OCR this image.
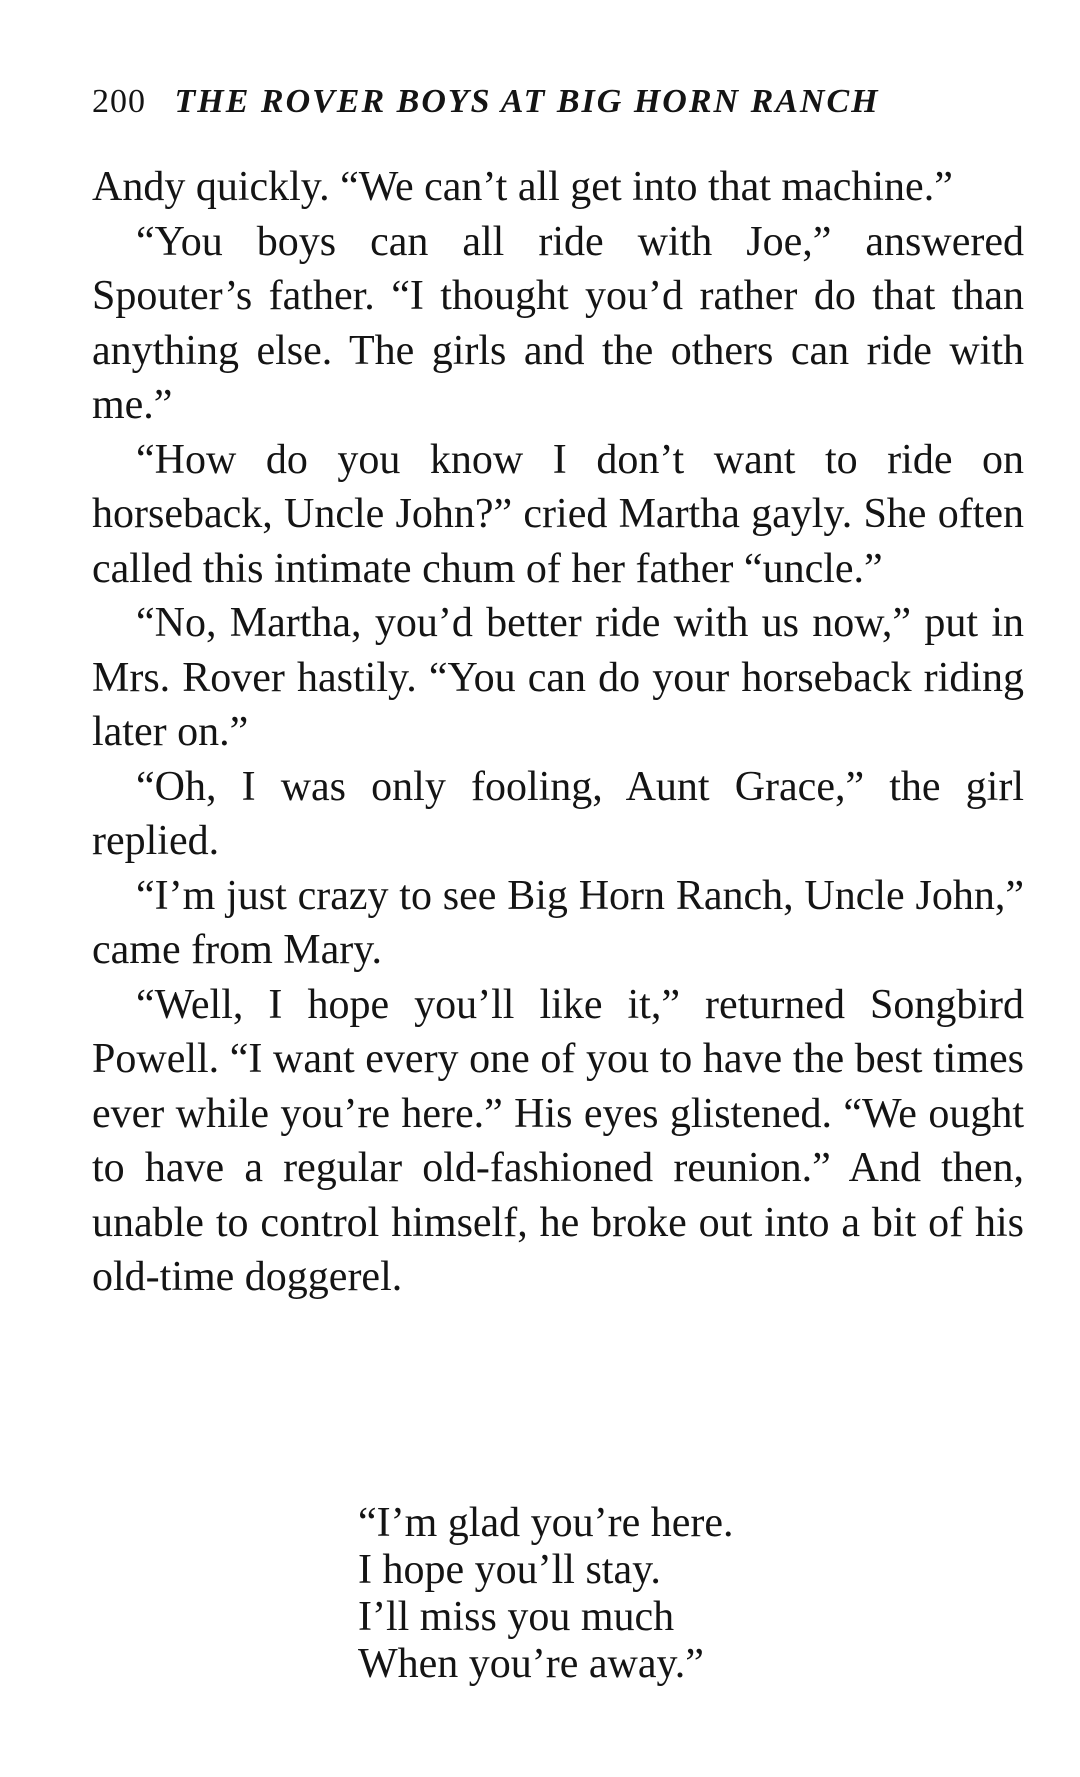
200 THE ROVER BOYS AT BIG HORN RANCH

Andy quickly. “We can’t all get into that machine.”

“You boys can all ride with Joe,” answered Spouter’s father. “I thought you’d rather do that than anything else. The girls and the others can ride with me.”

“How do you know I don’t want to ride on horseback, Uncle John?” cried Martha gayly. She often called this intimate chum of her father “uncle.”

“No, Martha, you’d better ride with us now,” put in Mrs. Rover hastily. “You can do your horseback riding later on.”

“Oh, I was only fooling, Aunt Grace,” the girl replied.

“I’m just crazy to see Big Horn Ranch, Uncle John,” came from Mary.

“Well, I hope you’ll like it,” returned Songbird Powell. “I want every one of you to have the best times ever while you’re here.” His eyes glistened. “We ought to have a regular old-fashioned reunion.” And then, unable to control himself, he broke out into a bit of his old-time doggerel.

“I’m glad you’re here.

I hope you’ll stay.

I’ll miss you much

When you’re away.”
